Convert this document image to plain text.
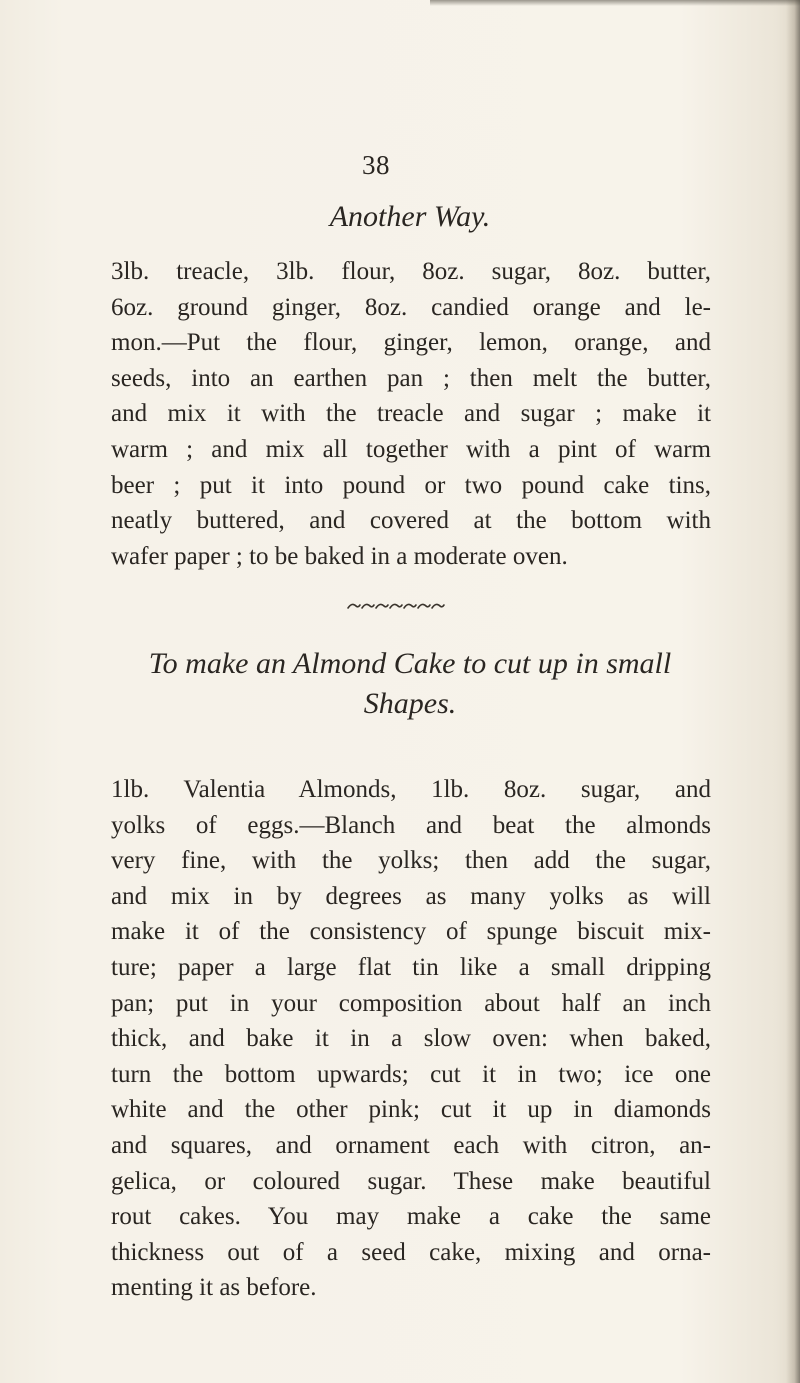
38
Another Way.
3lb. treacle, 3lb. flour, 8oz. sugar, 8oz. butter,
6oz. ground ginger, 8oz. candied orange and le-
mon.—Put the flour, ginger, lemon, orange, and
seeds, into an earthen pan ; then melt the butter,
and mix it with the treacle and sugar ; make it
warm ; and mix all together with a pint of warm
beer ; put it into pound or two pound cake tins,
neatly buttered, and covered at the bottom with
wafer paper ; to be baked in a moderate oven.
To make an Almond Cake to cut up in small
Shapes.
1lb. Valentia Almonds, 1lb. 8oz. sugar, and
yolks of eggs.—Blanch and beat the almonds
very fine, with the yolks; then add the sugar,
and mix in by degrees as many yolks as will
make it of the consistency of spunge biscuit mix-
ture; paper a large flat tin like a small dripping
pan; put in your composition about half an inch
thick, and bake it in a slow oven: when baked,
turn the bottom upwards; cut it in two; ice one
white and the other pink; cut it up in diamonds
and squares, and ornament each with citron, an-
gelica, or coloured sugar. These make beautiful
rout cakes. You may make a cake the same
thickness out of a seed cake, mixing and orna-
menting it as before.
